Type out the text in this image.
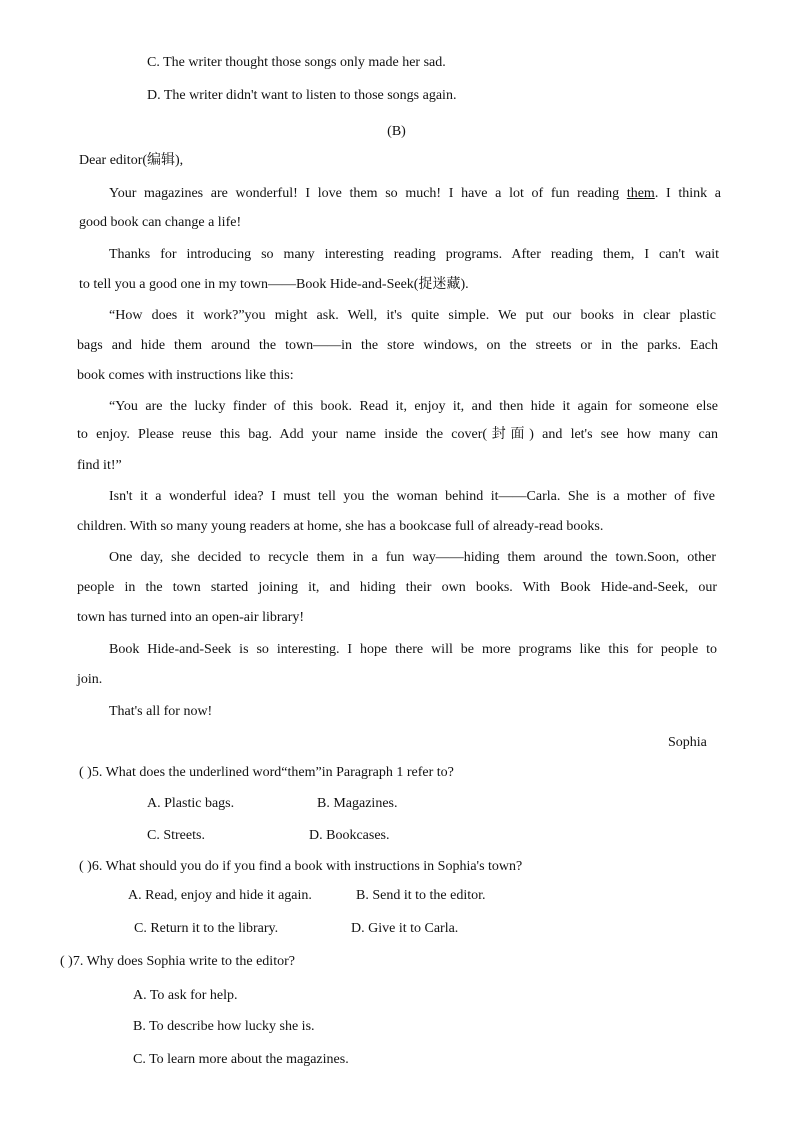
C. The writer thought those songs only made her sad.
D. The writer didn't want to listen to those songs again.
(B)
Dear editor(编辑),
Your magazines are wonderful! I love them so much! I have a lot of fun reading them. I think a
good book can change a life!
Thanks for introducing so many interesting reading programs. After reading them, I can't wait
to tell you a good one in my town——Book Hide-and-Seek(捉迷藏).
“How does it work?”you might ask. Well, it's quite simple. We put our books in clear plastic
bags and hide them around the town——in the store windows, on the streets or in the parks. Each
book comes with instructions like this:
“You are the lucky finder of this book. Read it, enjoy it, and then hide it again for someone else
to enjoy. Please reuse this bag. Add your name inside the cover(封面) and let's see how many can
find it!”
Isn't it a wonderful idea? I must tell you the woman behind it——Carla. She is a mother of five
children. With so many young readers at home, she has a bookcase full of already-read books.
One day, she decided to recycle them in a fun way——hiding them around the town.Soon, other
people in the town started joining it, and hiding their own books. With Book Hide-and-Seek, our
town has turned into an open-air library!
Book Hide-and-Seek is so interesting. I hope there will be more programs like this for people to
join.
That's all for now!
Sophia
( )5. What does the underlined word“them”in Paragraph 1 refer to?
A. Plastic bags.	B. Magazines.
C. Streets.	D. Bookcases.
( )6. What should you do if you find a book with instructions in Sophia's town?
A. Read, enjoy and hide it again.	B. Send it to the editor.
C. Return it to the library.	D. Give it to Carla.
( )7. Why does Sophia write to the editor?
A. To ask for help.
B. To describe how lucky she is.
C. To learn more about the magazines.
